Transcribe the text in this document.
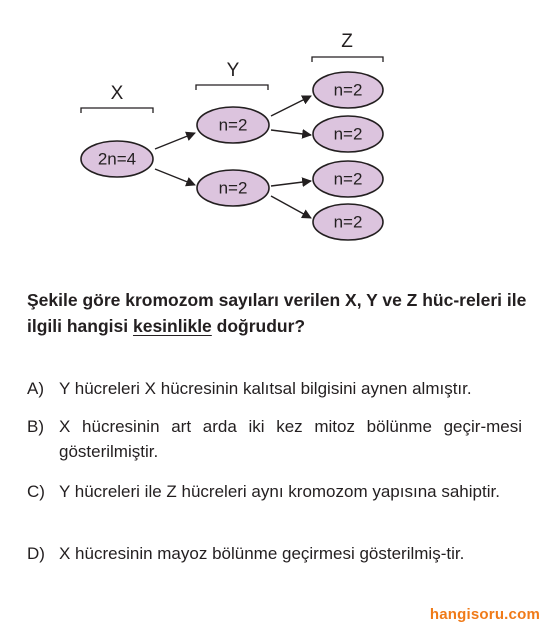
X
Y
Z
2n=4
n=2
n=2
n=2
n=2
n=2
n=2
Şekile göre kromozom sayıları verilen X, Y ve Z hüc-releri ile ilgili hangisi kesinlikle doğrudur?
A) Y hücreleri X hücresinin kalıtsal bilgisini aynen almıştır.
B) X hücresinin art arda iki kez mitoz bölünme geçir-mesi gösterilmiştir.
C) Y hücreleri ile Z hücreleri aynı kromozom yapısına sahiptir.
D) X hücresinin mayoz bölünme geçirmesi gösterilmiş-tir.
hangisoru.com
